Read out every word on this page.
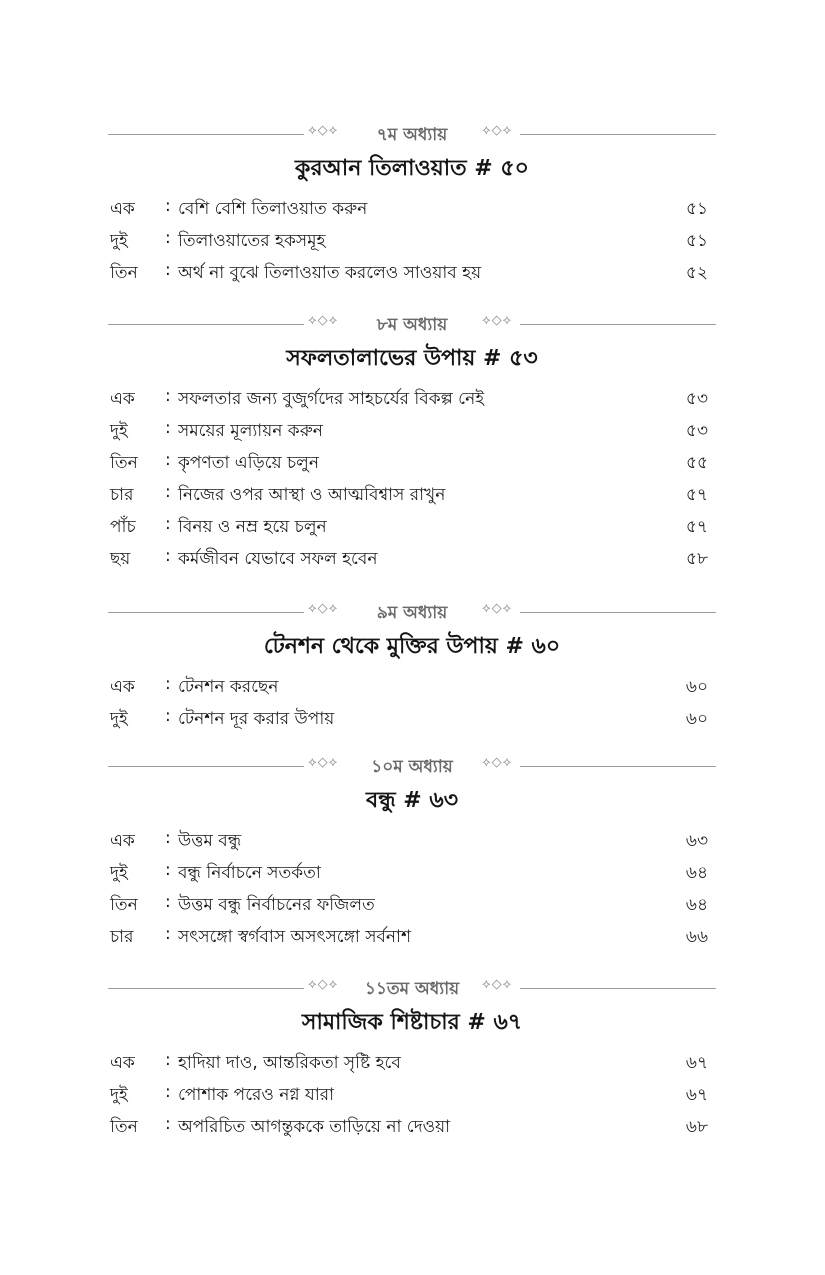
⟡◇⟡	৭ম অধ্যায়	⟡◇⟡
কুরআন তিলাওয়াত # ৫০
এক : বেশি বেশি তিলাওয়াত করুন	৫১
দুই : তিলাওয়াতের হকসমূহ	৫১
তিন : অর্থ না বুঝে তিলাওয়াত করলেও সাওয়াব হয়	৫২
⟡◇⟡	৮ম অধ্যায়	⟡◇⟡
সফলতালাভের উপায় # ৫৩
এক : সফলতার জন্য বুজুর্গদের সাহচর্যের বিকল্প নেই	৫৩
দুই : সময়ের মূল্যায়ন করুন	৫৩
তিন : কৃপণতা এড়িয়ে চলুন	৫৫
চার : নিজের ওপর আস্থা ও আত্মবিশ্বাস রাখুন	৫৭
পাঁচ : বিনয় ও নম্র হয়ে চলুন	৫৭
ছয় : কর্মজীবন যেভাবে সফল হবেন	৫৮
⟡◇⟡	৯ম অধ্যায়	⟡◇⟡
টেনশন থেকে মুক্তির উপায় # ৬০
এক : টেনশন করছেন	৬০
দুই : টেনশন দূর করার উপায়	৬০
⟡◇⟡	১০ম অধ্যায়	⟡◇⟡
বন্ধু # ৬৩
এক : উত্তম বন্ধু	৬৩
দুই : বন্ধু নির্বাচনে সতর্কতা	৬৪
তিন : উত্তম বন্ধু নির্বাচনের ফজিলত	৬৪
চার : সৎসঙ্গো স্বর্গবাস অসৎসঙ্গো সর্বনাশ	৬৬
⟡◇⟡	১১তম অধ্যায়	⟡◇⟡
সামাজিক শিষ্টাচার # ৬৭
এক : হাদিয়া দাও, আন্তরিকতা সৃষ্টি হবে	৬৭
দুই : পোশাক পরেও নগ্ন যারা	৬৭
তিন : অপরিচিত আগন্তুককে তাড়িয়ে না দেওয়া	৬৮
